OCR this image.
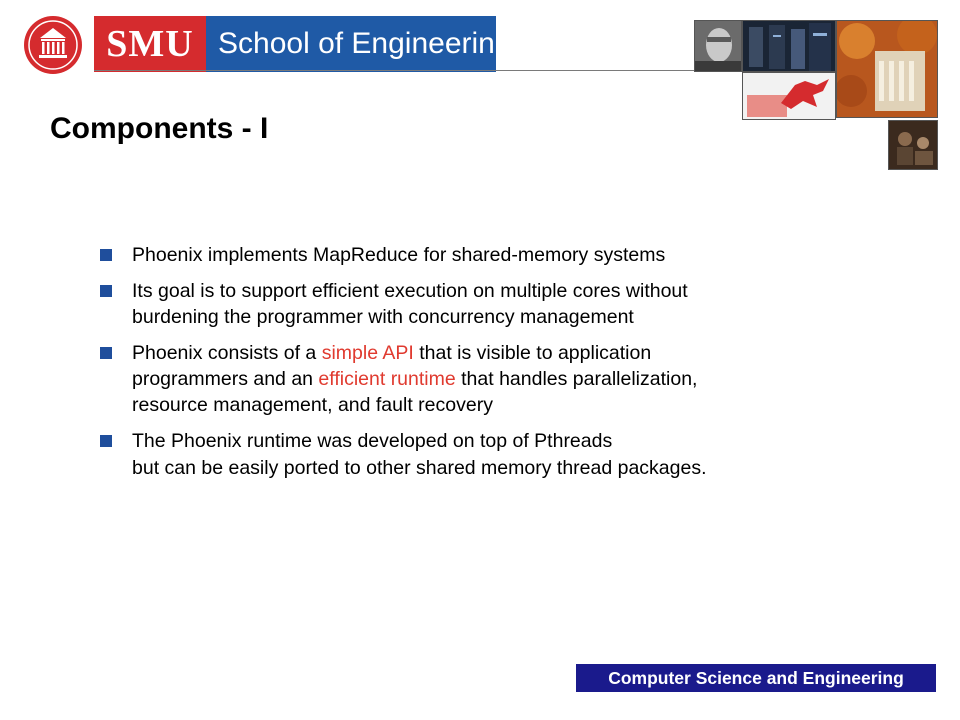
SMU School of Engineering
Components - I
Phoenix implements MapReduce for shared-memory systems
Its goal is to support efficient execution on multiple cores without burdening the programmer with concurrency management
Phoenix consists of a simple API that is visible to application programmers and an efficient runtime that handles parallelization, resource management, and fault recovery
The Phoenix runtime was developed on top of Pthreads
but can be easily ported to other shared memory thread packages.
Computer Science and Engineering
